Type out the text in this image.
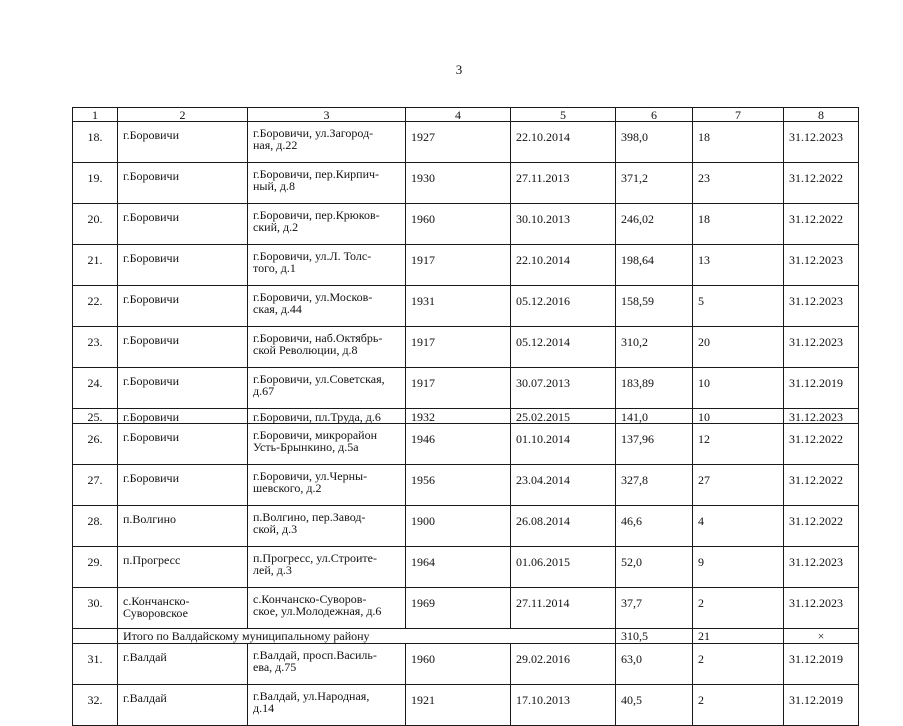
3
1	2	3	4	5	6	7	8
18.	г.Боровичи	г.Боровичи, ул.Загород-
ная, д.22	1927	22.10.2014	398,0	18	31.12.2023
19.	г.Боровичи	г.Боровичи, пер.Кирпич-
ный, д.8	1930	27.11.2013	371,2	23	31.12.2022
20.	г.Боровичи	г.Боровичи, пер.Крюков-
ский, д.2	1960	30.10.2013	246,02	18	31.12.2022
21.	г.Боровичи	г.Боровичи, ул.Л. Толс-
того, д.1	1917	22.10.2014	198,64	13	31.12.2023
22.	г.Боровичи	г.Боровичи, ул.Москов-
ская, д.44	1931	05.12.2016	158,59	5	31.12.2023
23.	г.Боровичи	г.Боровичи, наб.Октябрь-
ской Революции, д.8	1917	05.12.2014	310,2	20	31.12.2023
24.	г.Боровичи	г.Боровичи, ул.Советская,
д.67	1917	30.07.2013	183,89	10	31.12.2019
25.	г.Боровичи	г.Боровичи, пл.Труда, д.6	1932	25.02.2015	141,0	10	31.12.2023
26.	г.Боровичи	г.Боровичи, микрорайон
Усть-Брынкино, д.5а	1946	01.10.2014	137,96	12	31.12.2022
27.	г.Боровичи	г.Боровичи, ул.Черны-
шевского, д.2	1956	23.04.2014	327,8	27	31.12.2022
28.	п.Волгино	п.Волгино, пер.Завод-
ской, д.3	1900	26.08.2014	46,6	4	31.12.2022
29.	п.Прогресс	п.Прогресс, ул.Строите-
лей, д.3	1964	01.06.2015	52,0	9	31.12.2023
30.	с.Кончанско-
Суворовское	с.Кончанско-Суворов-
ское, ул.Молодежная, д.6	1969	27.11.2014	37,7	2	31.12.2023
	Итого по Валдайскому муниципальному району				310,5	21	×
31.	г.Валдай	г.Валдай, просп.Василь-
ева, д.75	1960	29.02.2016	63,0	2	31.12.2019
32.	г.Валдай	г.Валдай, ул.Народная,
д.14	1921	17.10.2013	40,5	2	31.12.2019
